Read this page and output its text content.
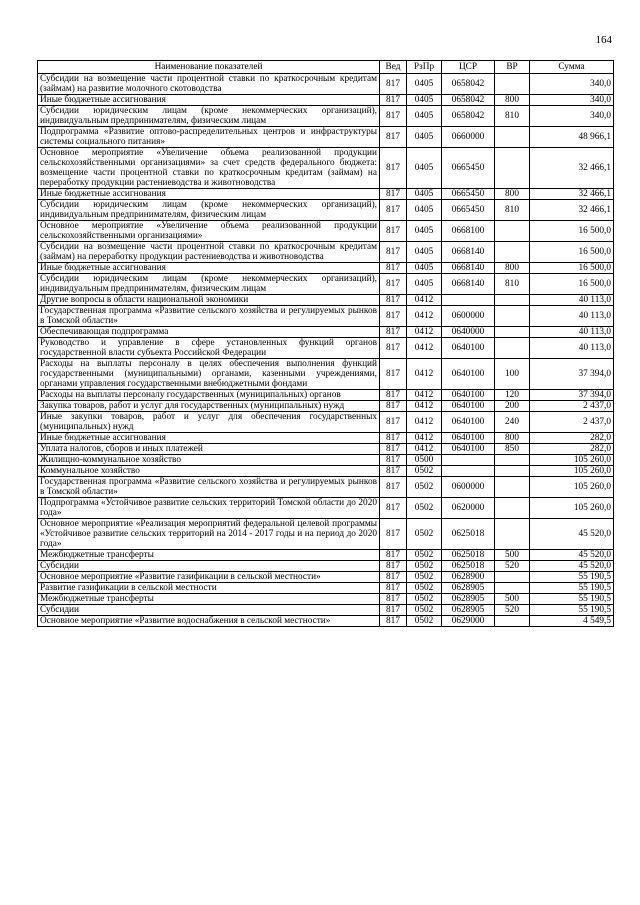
164
Наименование показателей	Вед	РзПр	ЦСР	ВР	Сумма
Субсидии на возмещение части процентной ставки по краткосрочным кредитам (займам) на развитие молочного скотоводства	817	0405	0658042		340,0
Иные бюджетные ассигнования	817	0405	0658042	800	340,0
Субсидии юридическим лицам (кроме некоммерческих организаций), индивидуальным предпринимателям, физическим лицам	817	0405	0658042	810	340,0
Подпрограмма «Развитие оптово-распределительных центров и инфраструктуры системы социального питания»	817	0405	0660000		48 966,1
Основное мероприятие «Увеличение объема реализованной продукции сельскохозяйственными организациями» за счет средств федерального бюджета: возмещение части процентной ставки по краткосрочным кредитам (займам) на переработку продукции растениеводства и животноводства	817	0405	0665450		32 466,1
Иные бюджетные ассигнования	817	0405	0665450	800	32 466,1
Субсидии юридическим лицам (кроме некоммерческих организаций), индивидуальным предпринимателям, физическим лицам	817	0405	0665450	810	32 466,1
Основное мероприятие «Увеличение объема реализованной продукции сельскохозяйственными организациями»	817	0405	0668100		16 500,0
Субсидии на возмещение части процентной ставки по краткосрочным кредитам (займам) на переработку продукции растениеводства и животноводства	817	0405	0668140		16 500,0
Иные бюджетные ассигнования	817	0405	0668140	800	16 500,0
Субсидии юридическим лицам (кроме некоммерческих организаций), индивидуальным предпринимателям, физическим лицам	817	0405	0668140	810	16 500,0
Другие вопросы в области национальной экономики	817	0412			40 113,0
Государственная программа «Развитие сельского хозяйства и регулируемых рынков в Томской области»	817	0412	0600000		40 113,0
Обеспечивающая подпрограмма	817	0412	0640000		40 113,0
Руководство и управление в сфере установленных функций органов государственной власти субъекта Российской Федерации	817	0412	0640100		40 113,0
Расходы на выплаты персоналу в целях обеспечения выполнения функций государственными (муниципальными) органами, казенными учреждениями, органами управления государственными внебюджетными фондами	817	0412	0640100	100	37 394,0
Расходы на выплаты персоналу государственных (муниципальных) органов	817	0412	0640100	120	37 394,0
Закупка товаров, работ и услуг для государственных (муниципальных) нужд	817	0412	0640100	200	2 437,0
Иные закупки товаров, работ и услуг для обеспечения государственных (муниципальных) нужд	817	0412	0640100	240	2 437,0
Иные бюджетные ассигнования	817	0412	0640100	800	282,0
Уплата налогов, сборов и иных платежей	817	0412	0640100	850	282,0
Жилищно-коммунальное хозяйство	817	0500			105 260,0
Коммунальное хозяйство	817	0502			105 260,0
Государственная программа «Развитие сельского хозяйства и регулируемых рынков в Томской области»	817	0502	0600000		105 260,0
Подпрограмма «Устойчивое развитие сельских территорий Томской области до 2020 года»	817	0502	0620000		105 260,0
Основное мероприятие «Реализация мероприятий федеральной целевой программы «Устойчивое развитие сельских территорий на 2014 - 2017 годы и на период до 2020 года»	817	0502	0625018		45 520,0
Межбюджетные трансферты	817	0502	0625018	500	45 520,0
Субсидии	817	0502	0625018	520	45 520,0
Основное мероприятие «Развитие газификации в сельской местности»	817	0502	0628900		55 190,5
Развитие газификации в сельской местности	817	0502	0628905		55 190,5
Межбюджетные трансферты	817	0502	0628905	500	55 190,5
Субсидии	817	0502	0628905	520	55 190,5
Основное мероприятие «Развитие водоснабжения в сельской местности»	817	0502	0629000		4 549,5
